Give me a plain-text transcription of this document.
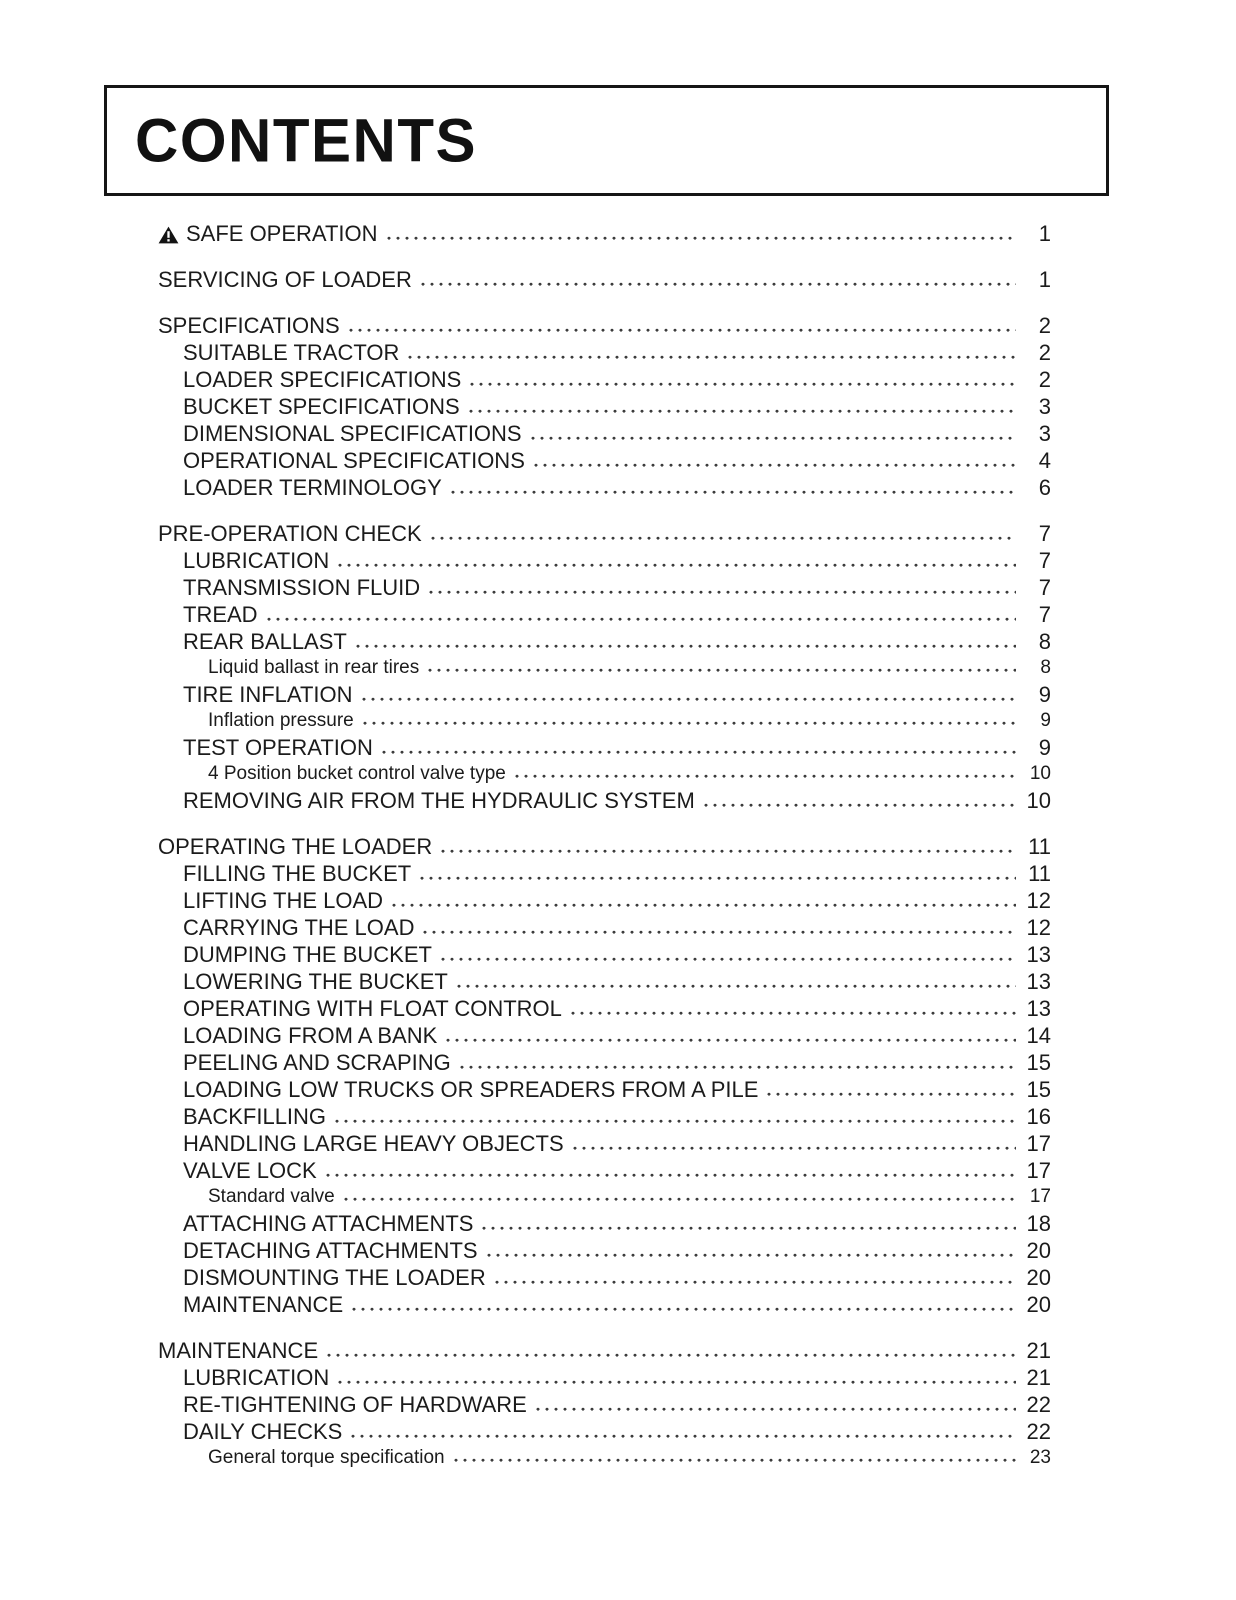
CONTENTS
SAFE OPERATION	1
SERVICING OF LOADER	1
SPECIFICATIONS	2
SUITABLE TRACTOR	2
LOADER SPECIFICATIONS	2
BUCKET SPECIFICATIONS	3
DIMENSIONAL SPECIFICATIONS	3
OPERATIONAL SPECIFICATIONS	4
LOADER TERMINOLOGY	6
PRE-OPERATION CHECK	7
LUBRICATION	7
TRANSMISSION FLUID	7
TREAD	7
REAR BALLAST	8
Liquid ballast in rear tires	8
TIRE INFLATION	9
Inflation pressure	9
TEST OPERATION	9
4 Position bucket control valve type	10
REMOVING AIR FROM THE HYDRAULIC SYSTEM	10
OPERATING THE LOADER	11
FILLING THE BUCKET	11
LIFTING THE LOAD	12
CARRYING THE LOAD	12
DUMPING THE BUCKET	13
LOWERING THE BUCKET	13
OPERATING WITH FLOAT CONTROL	13
LOADING FROM A BANK	14
PEELING AND SCRAPING	15
LOADING LOW TRUCKS OR SPREADERS FROM A PILE	15
BACKFILLING	16
HANDLING LARGE HEAVY OBJECTS	17
VALVE LOCK	17
Standard valve	17
ATTACHING ATTACHMENTS	18
DETACHING ATTACHMENTS	20
DISMOUNTING THE LOADER	20
MAINTENANCE	20
MAINTENANCE	21
LUBRICATION	21
RE-TIGHTENING OF HARDWARE	22
DAILY CHECKS	22
General torque specification	23
